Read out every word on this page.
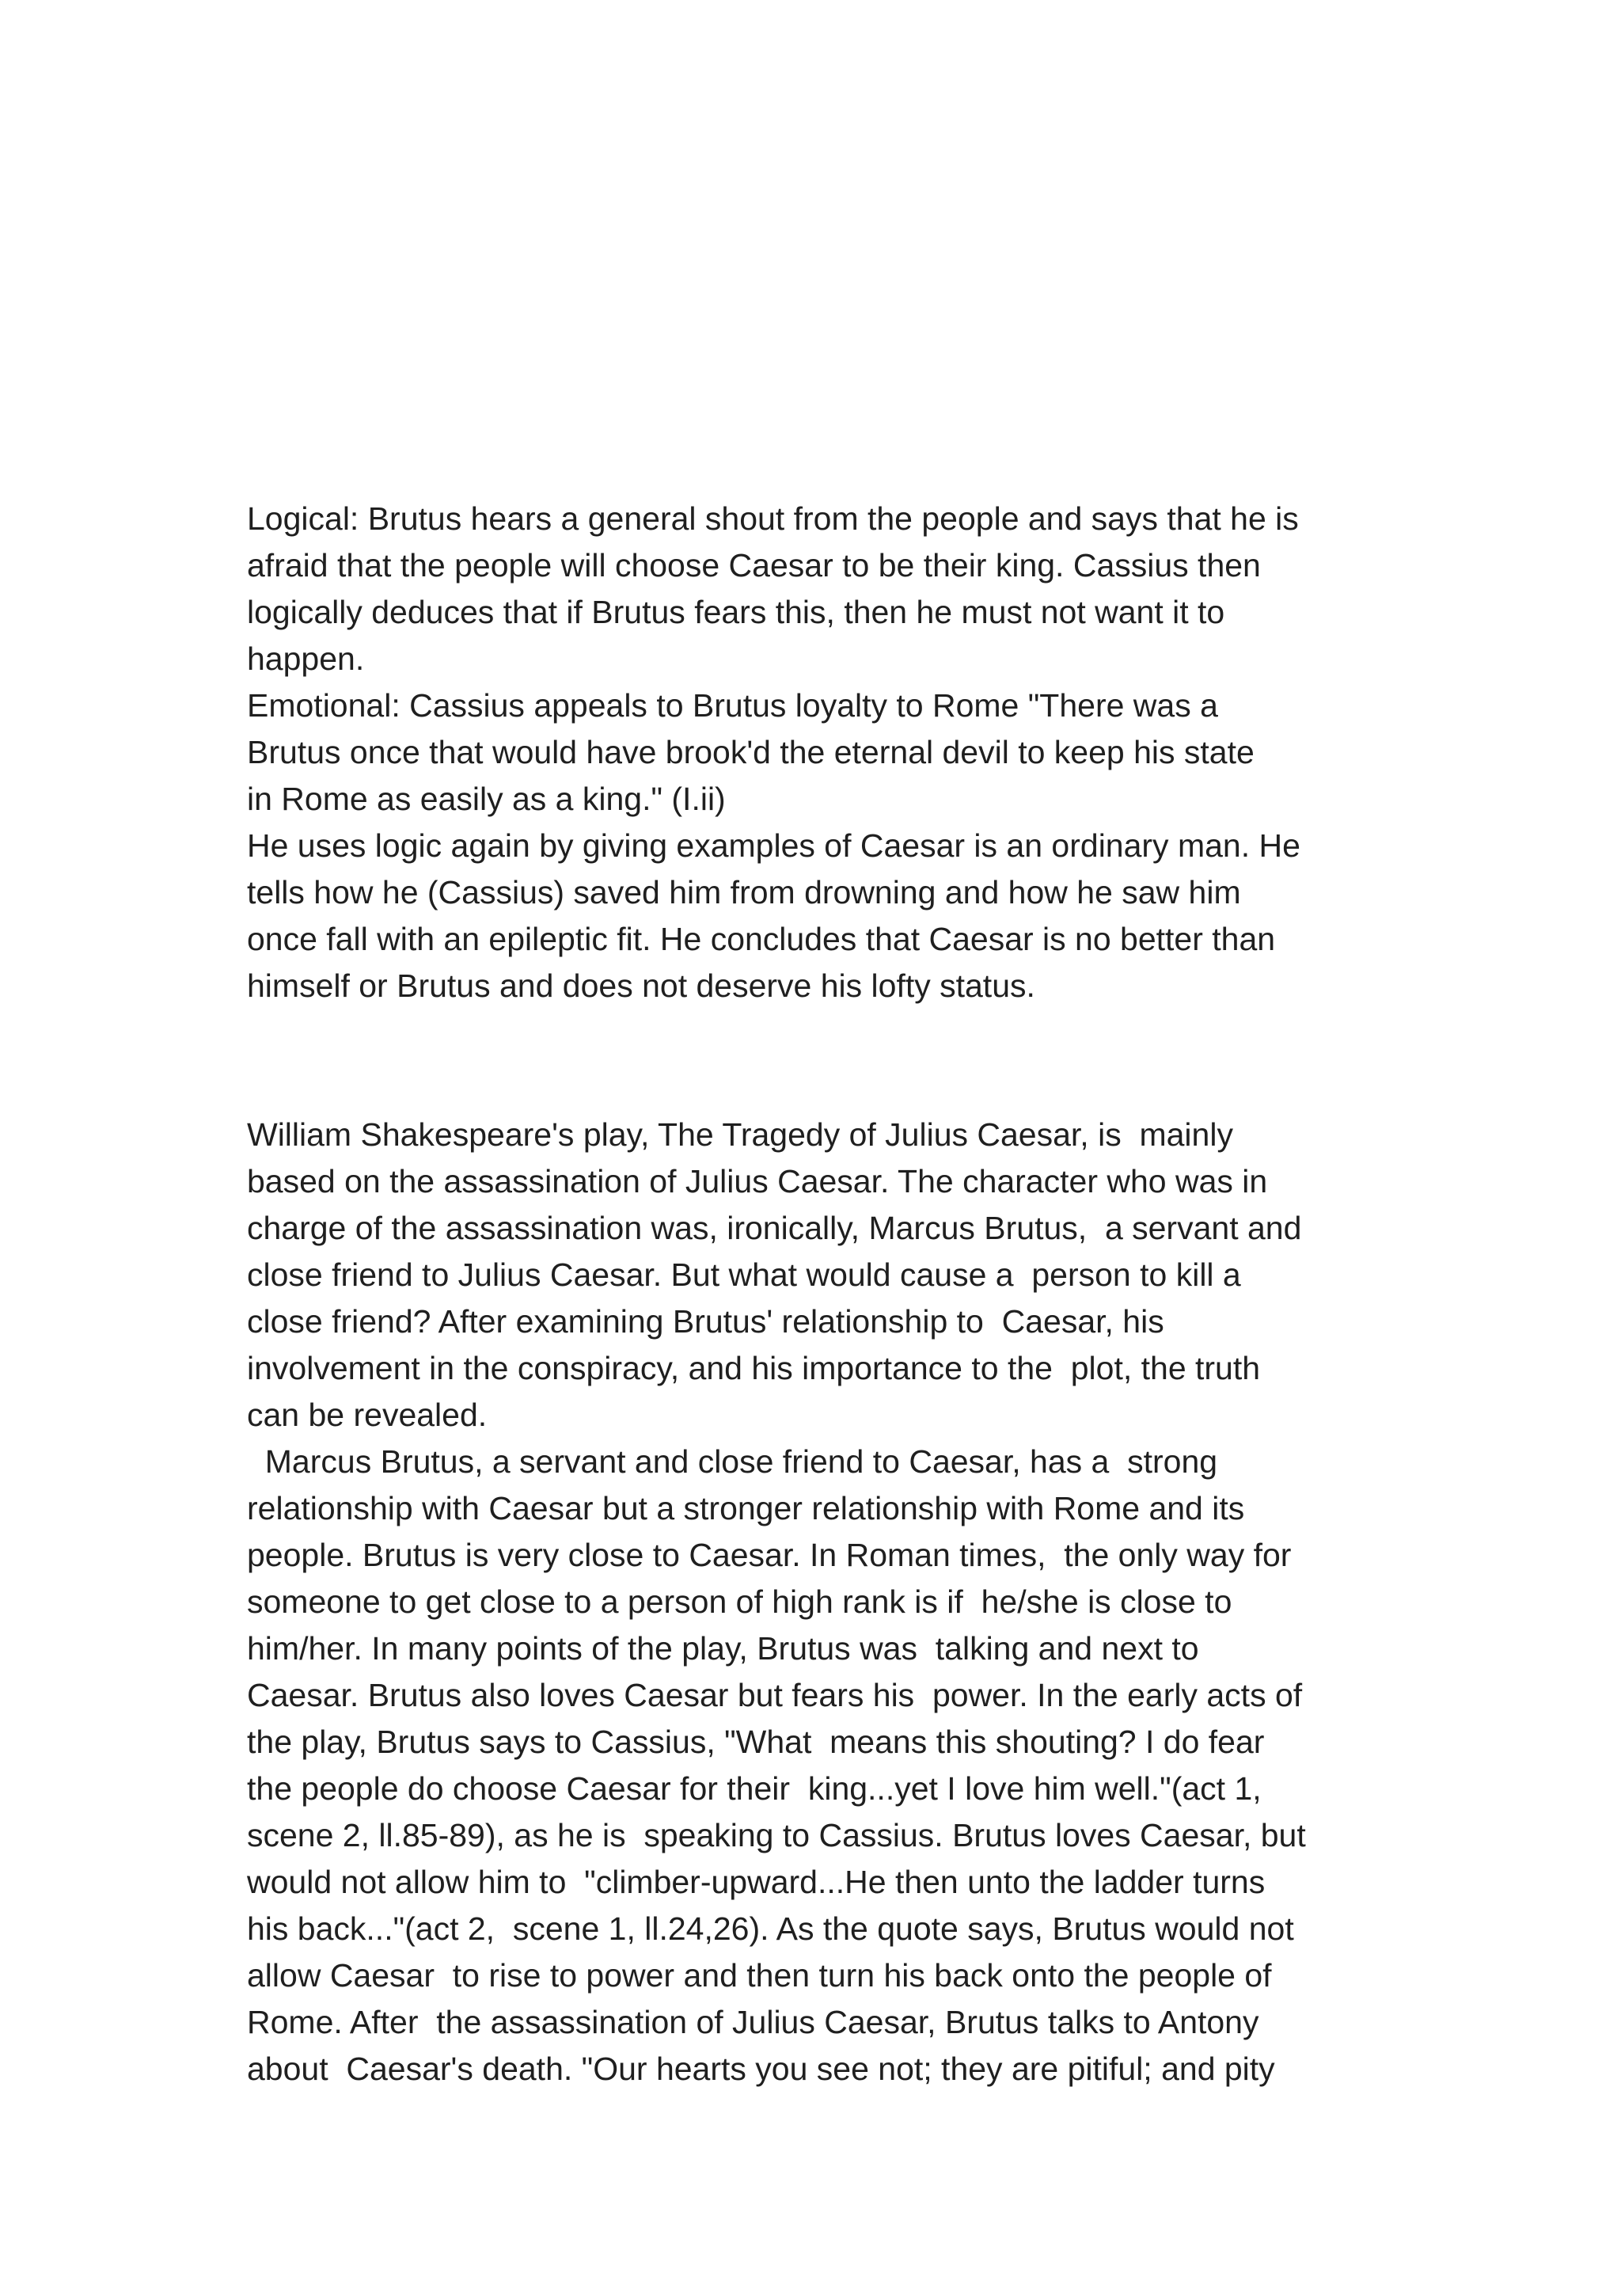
Logical: Brutus hears a general shout from the people and says that he is
afraid that the people will choose Caesar to be their king. Cassius then
logically deduces that if Brutus fears this, then he must not want it to
happen.
Emotional: Cassius appeals to Brutus loyalty to Rome "There was a
Brutus once that would have brook'd the eternal devil to keep his state
in Rome as easily as a king." (I.ii)
He uses logic again by giving examples of Caesar is an ordinary man. He
tells how he (Cassius) saved him from drowning and how he saw him
once fall with an epileptic fit. He concludes that Caesar is no better than
himself or Brutus and does not deserve his lofty status.
William Shakespeare's play, The Tragedy of Julius Caesar, is  mainly
based on the assassination of Julius Caesar. The character who was in
charge of the assassination was, ironically, Marcus Brutus,  a servant and
close friend to Julius Caesar. But what would cause a  person to kill a
close friend? After examining Brutus' relationship to  Caesar, his
involvement in the conspiracy, and his importance to the  plot, the truth
can be revealed.
Marcus Brutus, a servant and close friend to Caesar, has a  strong
relationship with Caesar but a stronger relationship with Rome and its
people. Brutus is very close to Caesar. In Roman times,  the only way for
someone to get close to a person of high rank is if  he/she is close to
him/her. In many points of the play, Brutus was  talking and next to
Caesar. Brutus also loves Caesar but fears his  power. In the early acts of
the play, Brutus says to Cassius, "What  means this shouting? I do fear
the people do choose Caesar for their  king...yet I love him well."(act 1,
scene 2, ll.85-89), as he is  speaking to Cassius. Brutus loves Caesar, but
would not allow him to  "climber-upward...He then unto the ladder turns
his back..."(act 2,  scene 1, ll.24,26). As the quote says, Brutus would not
allow Caesar  to rise to power and then turn his back onto the people of
Rome. After  the assassination of Julius Caesar, Brutus talks to Antony
about  Caesar's death. "Our hearts you see not; they are pitiful; and pity
